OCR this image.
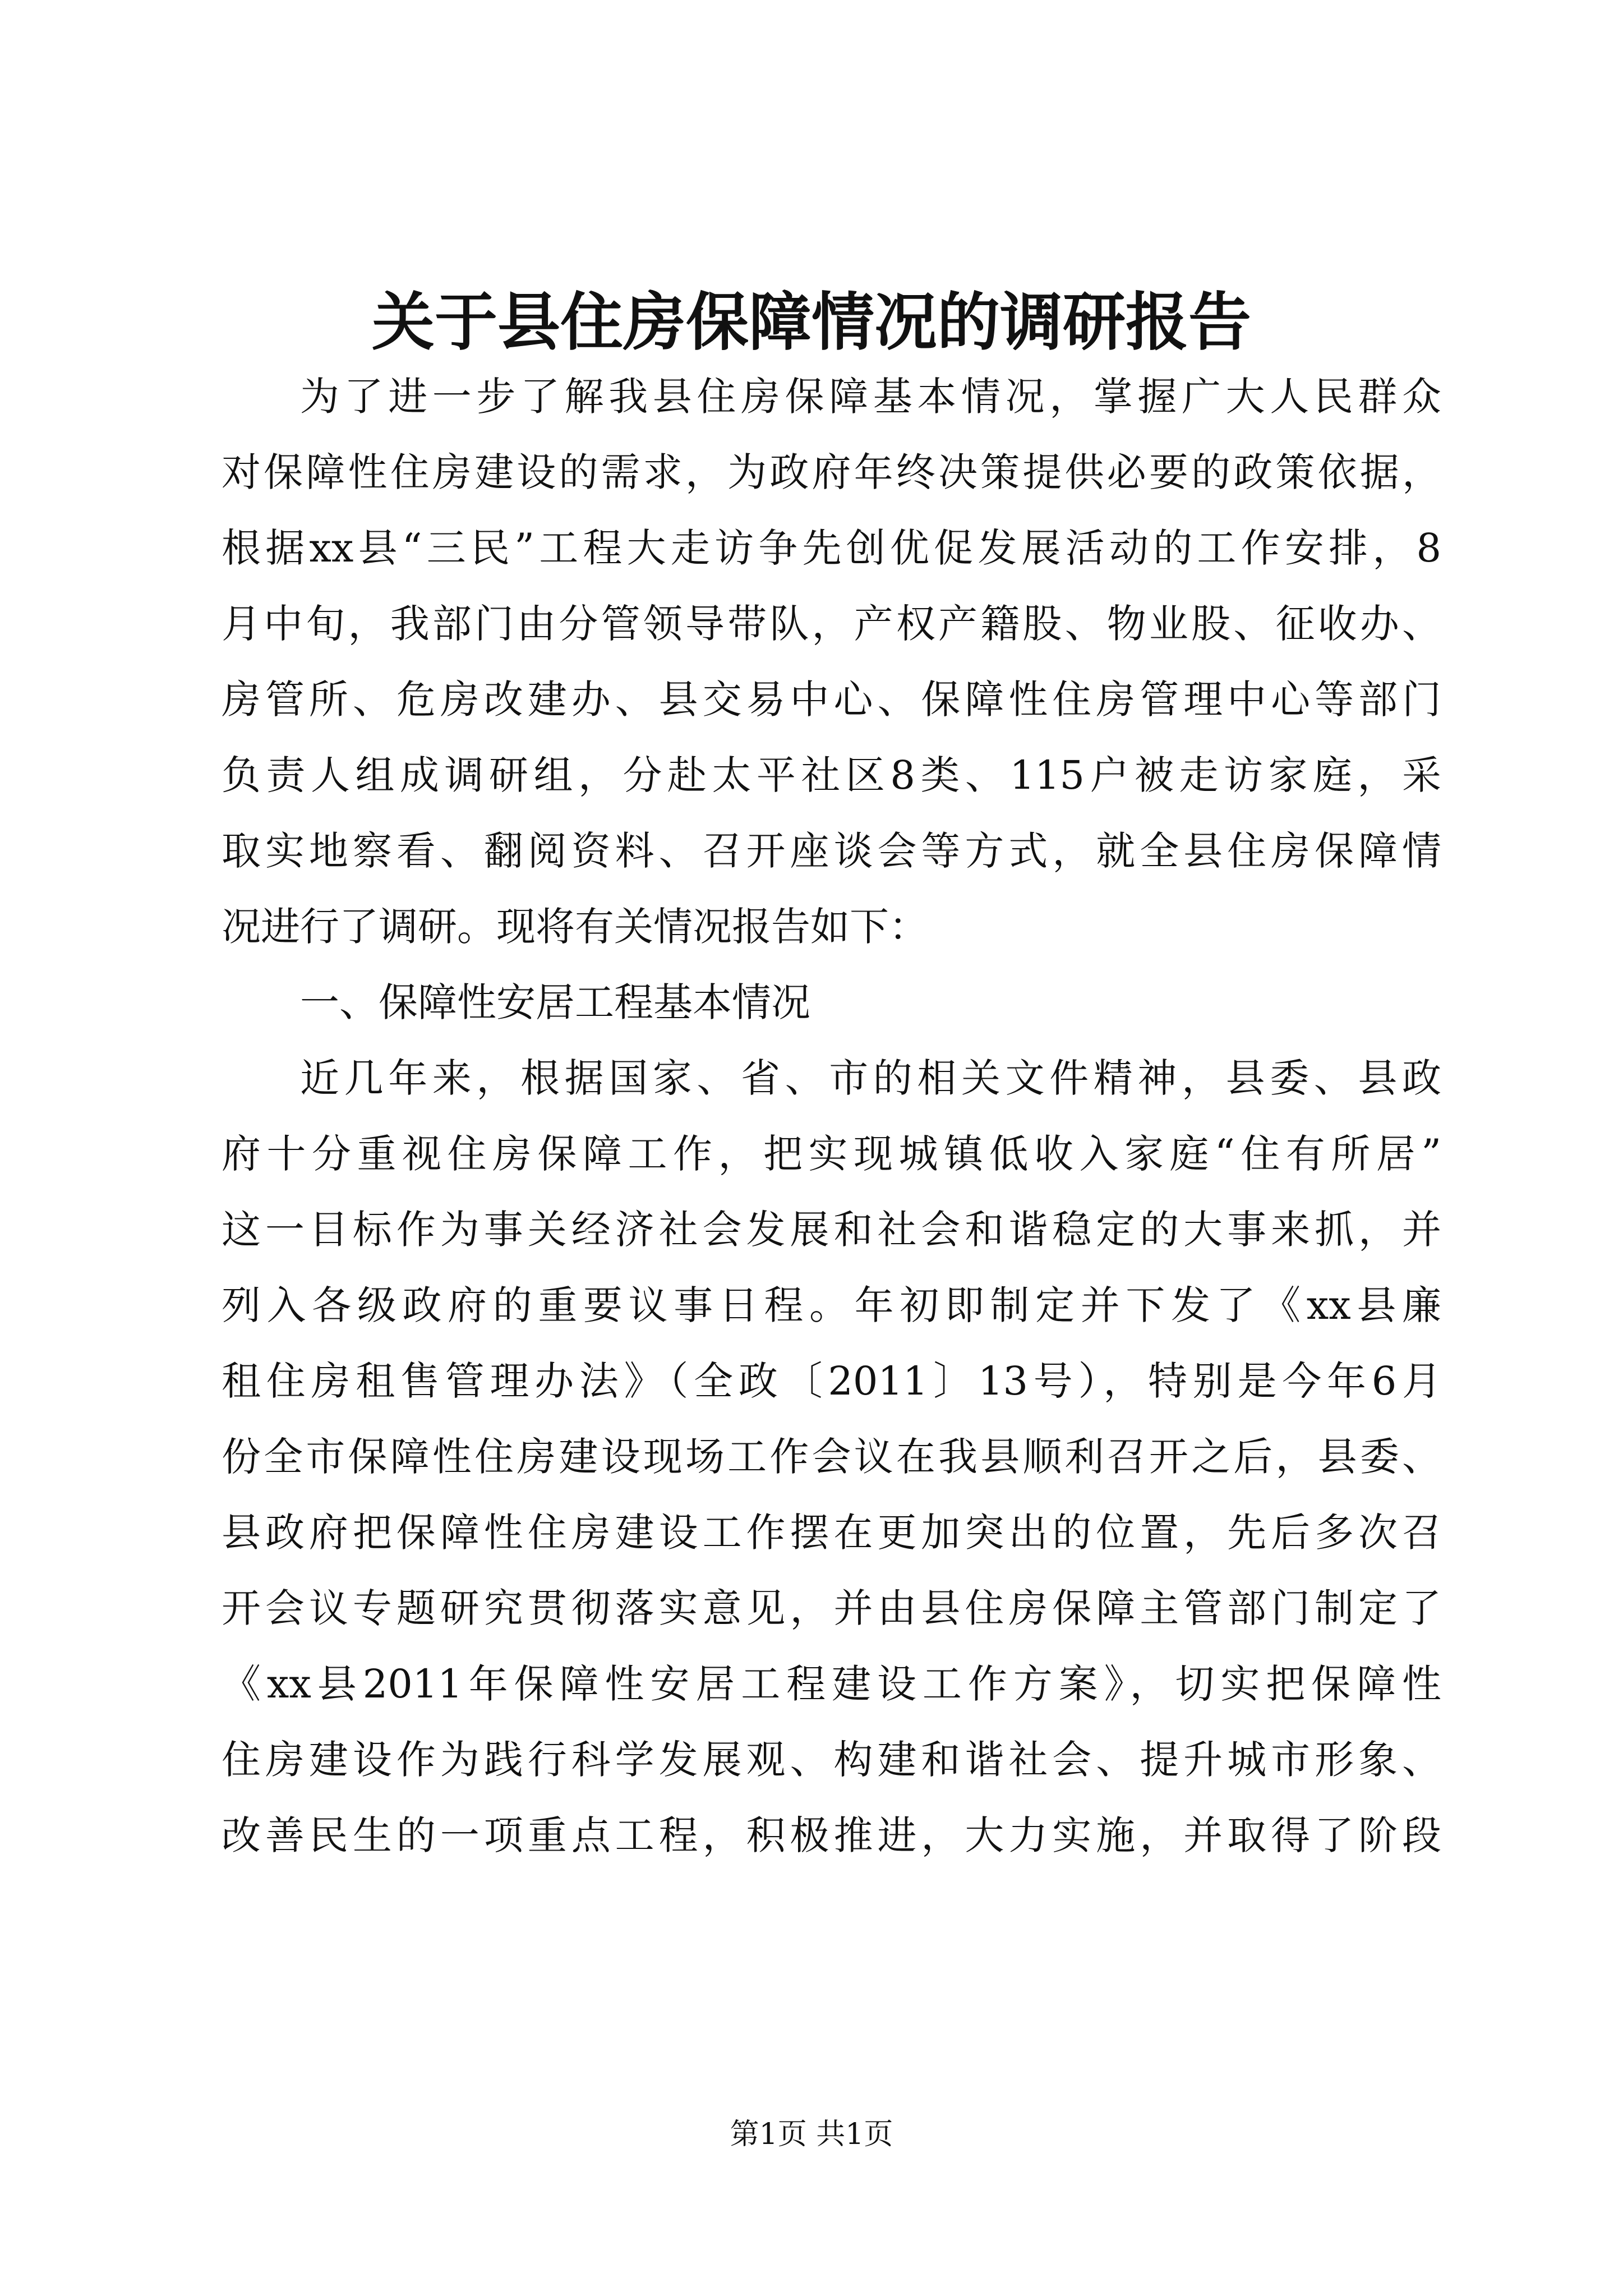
关于县住房保障情况的调研报告
为了进一步了解我县住房保障基本情况，掌握广大人民群众
对保障性住房建设的需求，为政府年终决策提供必要的政策依据，
根据xx县“三民”工程大走访争先创优促发展活动的工作安排，8
月中旬，我部门由分管领导带队，产权产籍股、物业股、征收办、
房管所、危房改建办、县交易中心、保障性住房管理中心等部门
负责人组成调研组，分赴太平社区8类、115户被走访家庭，采
取实地察看、翻阅资料、召开座谈会等方式，就全县住房保障情
况进行了调研。现将有关情况报告如下：
一、保障性安居工程基本情况
近几年来，根据国家、省、市的相关文件精神，县委、县政
府十分重视住房保障工作，把实现城镇低收入家庭“住有所居”
这一目标作为事关经济社会发展和社会和谐稳定的大事来抓，并
列入各级政府的重要议事日程。年初即制定并下发了《xx县廉
租住房租售管理办法》（全政〔2011〕13号），特别是今年6月
份全市保障性住房建设现场工作会议在我县顺利召开之后，县委、
县政府把保障性住房建设工作摆在更加突出的位置，先后多次召
开会议专题研究贯彻落实意见，并由县住房保障主管部门制定了
《xx县2011年保障性安居工程建设工作方案》，切实把保障性
住房建设作为践行科学发展观、构建和谐社会、提升城市形象、
改善民生的一项重点工程，积极推进，大力实施，并取得了阶段
第1页 共1页
